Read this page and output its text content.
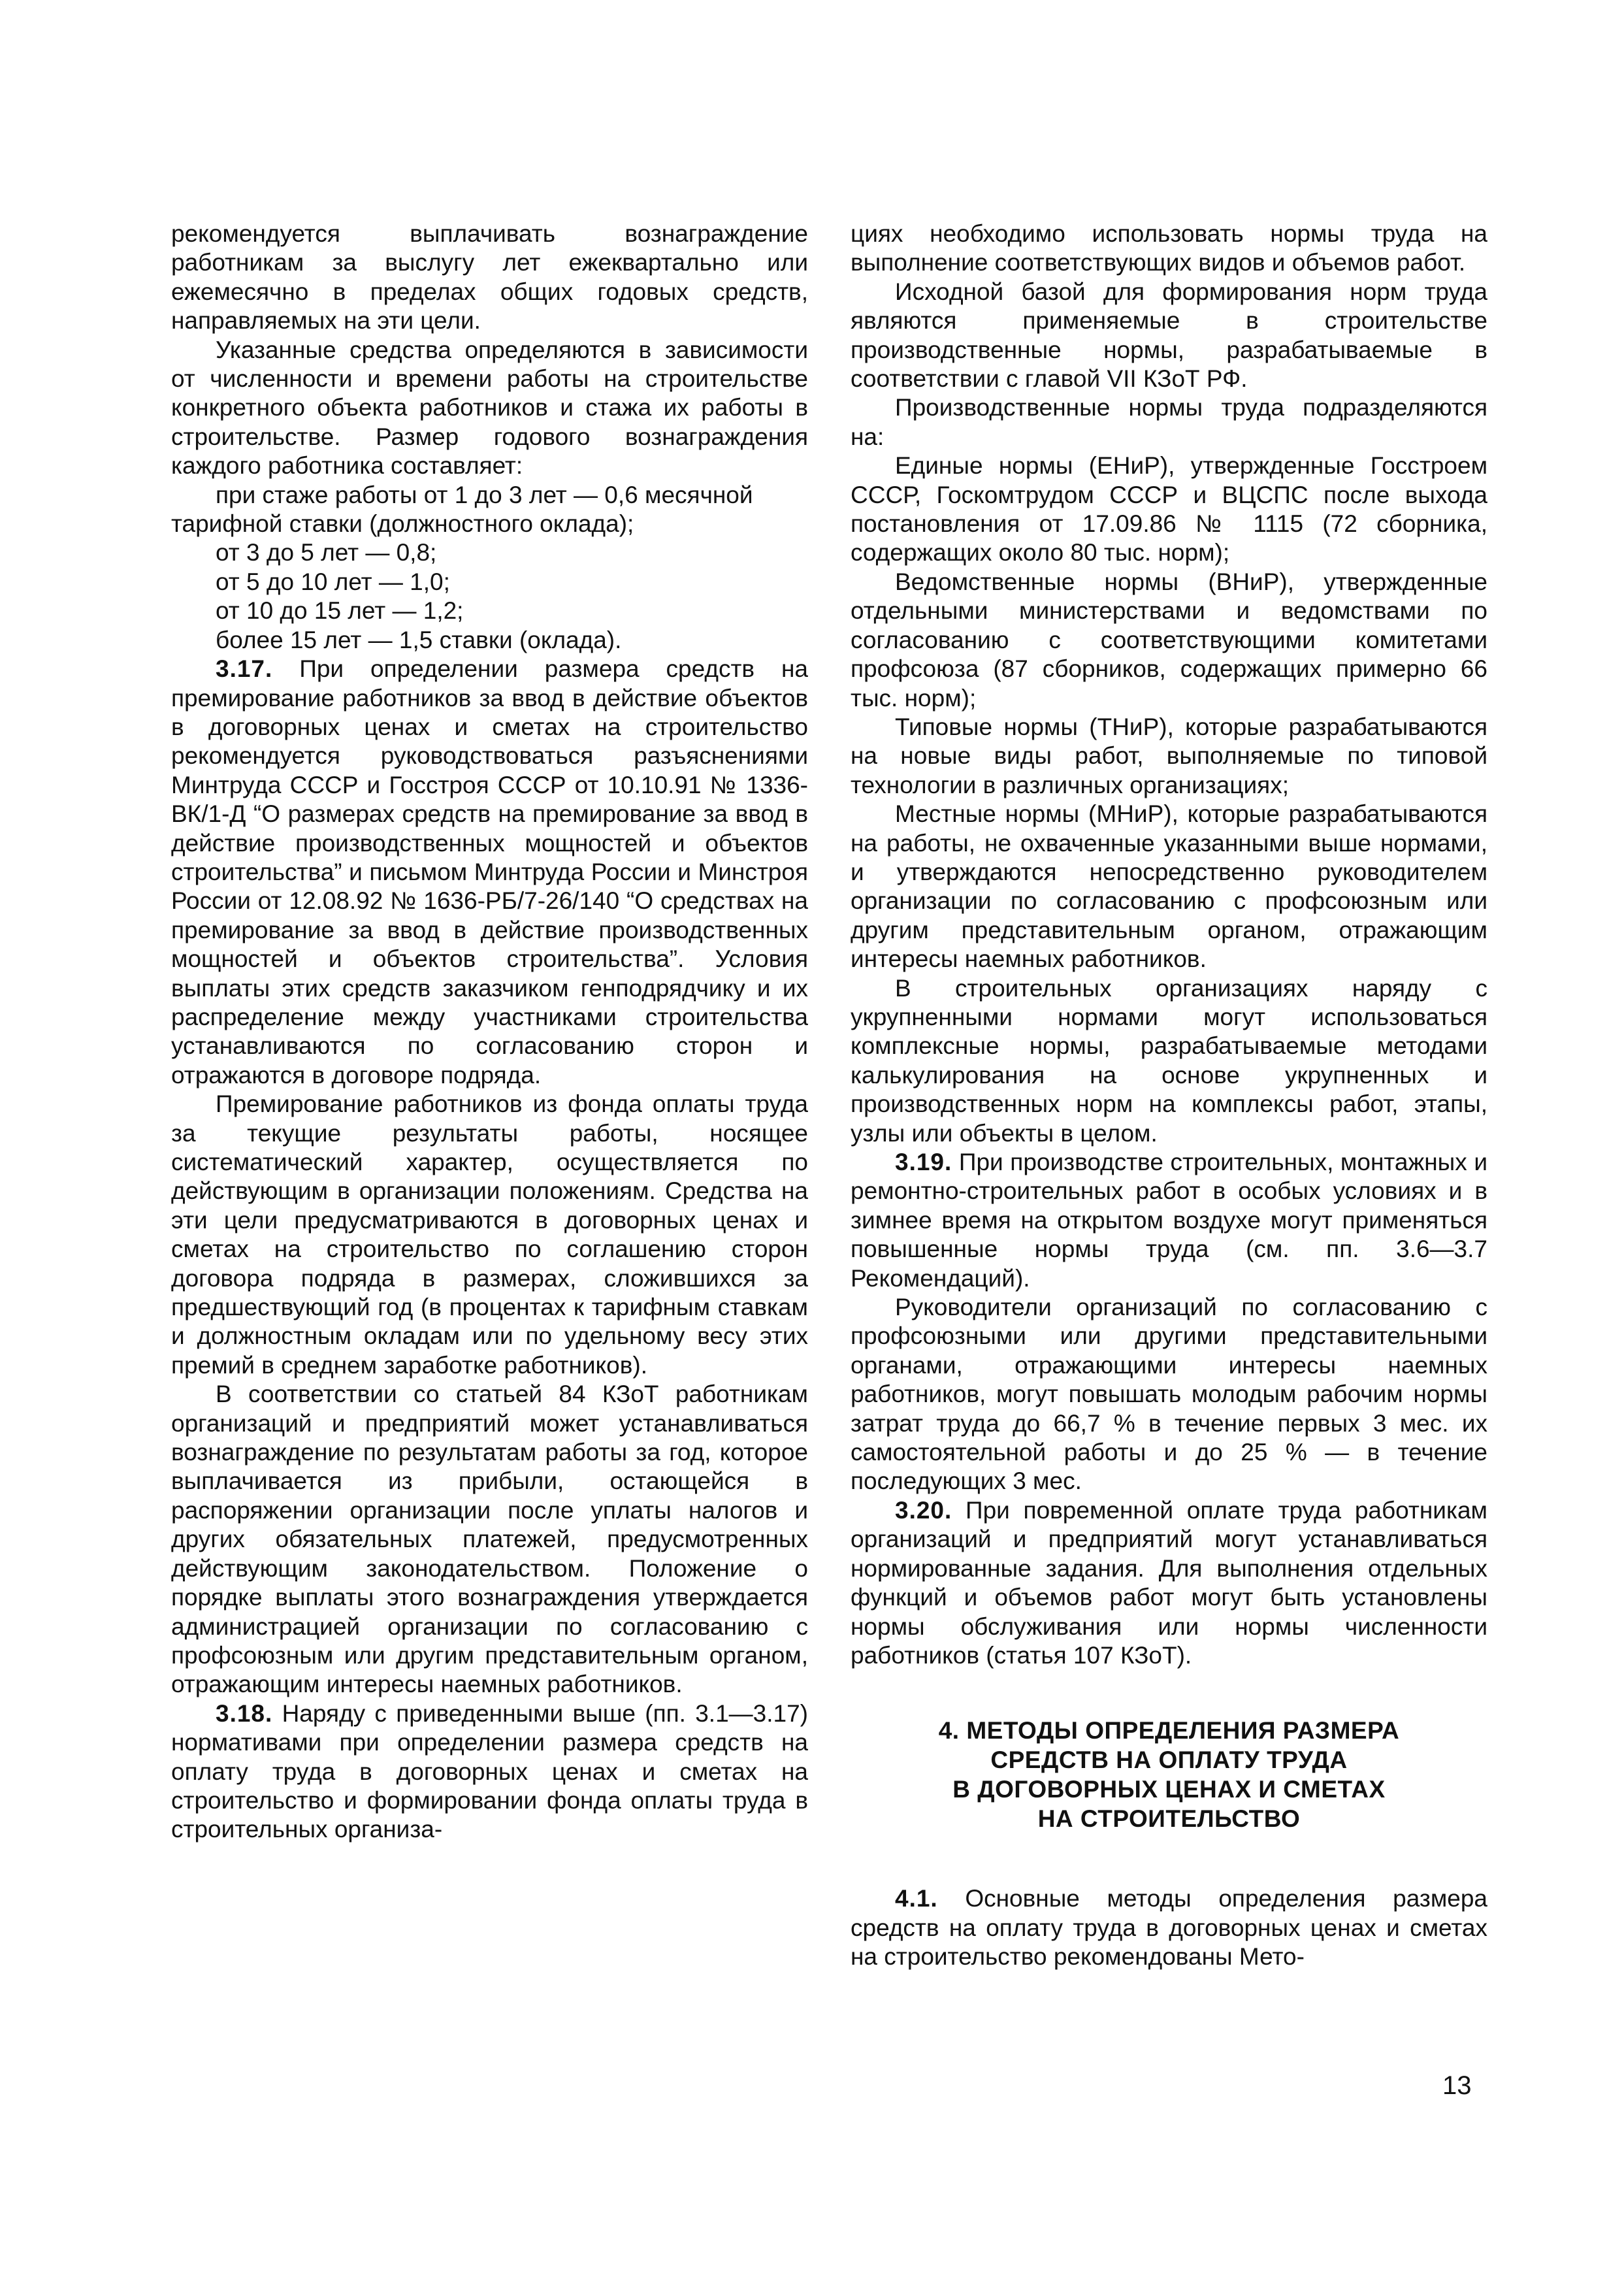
рекомендуется выплачивать вознаграждение работникам за выслугу лет ежеквартально или ежемесячно в пределах общих годовых средств, направляемых на эти цели.

Указанные средства определяются в зависимости от численности и времени работы на строительстве конкретного объекта работников и стажа их работы в строительстве. Размер годового вознаграждения каждого работника составляет:

при стаже работы от 1 до 3 лет — 0,6 месячной тарифной ставки (должностного оклада);

от 3 до 5 лет — 0,8;

от 5 до 10 лет — 1,0;

от 10 до 15 лет — 1,2;

более 15 лет — 1,5 ставки (оклада).

3.17. При определении размера средств на премирование работников за ввод в действие объектов в договорных ценах и сметах на строительство рекомендуется руководствоваться разъяснениями Минтруда СССР и Госстроя СССР от 10.10.91 № 1336-ВК/1-Д “О размерах средств на премирование за ввод в действие производственных мощностей и объектов строительства” и письмом Минтруда России и Минстроя России от 12.08.92 № 1636-РБ/7-26/140 “О средствах на премирование за ввод в действие производственных мощностей и объектов строительства”. Условия выплаты этих средств заказчиком генподрядчику и их распределение между участниками строительства устанавливаются по согласованию сторон и отражаются в договоре подряда.

Премирование работников из фонда оплаты труда за текущие результаты работы, носящее систематический характер, осуществляется по действующим в организации положениям. Средства на эти цели предусматриваются в договорных ценах и сметах на строительство по соглашению сторон договора подряда в размерах, сложившихся за предшествующий год (в процентах к тарифным ставкам и должностным окладам или по удельному весу этих премий в среднем заработке работников).

В соответствии со статьей 84 КЗоТ работникам организаций и предприятий может устанавливаться вознаграждение по результатам работы за год, которое выплачивается из прибыли, остающейся в распоряжении организации после уплаты налогов и других обязательных платежей, предусмотренных действующим законодательством. Положение о порядке выплаты этого вознаграждения утверждается администрацией организации по согласованию с профсоюзным или другим представительным органом, отражающим интересы наемных работников.

3.18. Наряду с приведенными выше (пп. 3.1—3.17) нормативами при определении размера средств на оплату труда в договорных ценах и сметах на строительство и формировании фонда оплаты труда в строительных организа-

циях необходимо использовать нормы труда на выполнение соответствующих видов и объемов работ.

Исходной базой для формирования норм труда являются применяемые в строительстве производственные нормы, разрабатываемые в соответствии с главой VII КЗоТ РФ.

Производственные нормы труда подразделяются на:

Единые нормы (ЕНиР), утвержденные Госстроем СССР, Госкомтрудом СССР и ВЦСПС после выхода постановления от 17.09.86 № 1115 (72 сборника, содержащих около 80 тыс. норм);

Ведомственные нормы (ВНиР), утвержденные отдельными министерствами и ведомствами по согласованию с соответствующими комитетами профсоюза (87 сборников, содержащих примерно 66 тыс. норм);

Типовые нормы (ТНиР), которые разрабатываются на новые виды работ, выполняемые по типовой технологии в различных организациях;

Местные нормы (МНиР), которые разрабатываются на работы, не охваченные указанными выше нормами, и утверждаются непосредственно руководителем организации по согласованию с профсоюзным или другим представительным органом, отражающим интересы наемных работников.

В строительных организациях наряду с укрупненными нормами могут использоваться комплексные нормы, разрабатываемые методами калькулирования на основе укрупненных и производственных норм на комплексы работ, этапы, узлы или объекты в целом.

3.19. При производстве строительных, монтажных и ремонтно-строительных работ в особых условиях и в зимнее время на открытом воздухе могут применяться повышенные нормы труда (см. пп. 3.6—3.7 Рекомендаций).

Руководители организаций по согласованию с профсоюзными или другими представительными органами, отражающими интересы наемных работников, могут повышать молодым рабочим нормы затрат труда до 66,7 % в течение первых 3 мес. их самостоятельной работы и до 25 % — в течение последующих 3 мес.

3.20. При повременной оплате труда работникам организаций и предприятий могут устанавливаться нормированные задания. Для выполнения отдельных функций и объемов работ могут быть установлены нормы обслуживания или нормы численности работников (статья 107 КЗоТ).

4. МЕТОДЫ ОПРЕДЕЛЕНИЯ РАЗМЕРА
СРЕДСТВ НА ОПЛАТУ ТРУДА
В ДОГОВОРНЫХ ЦЕНАХ И СМЕТАХ
НА СТРОИТЕЛЬСТВО

4.1. Основные методы определения размера средств на оплату труда в договорных ценах и сметах на строительство рекомендованы Мето-

13
